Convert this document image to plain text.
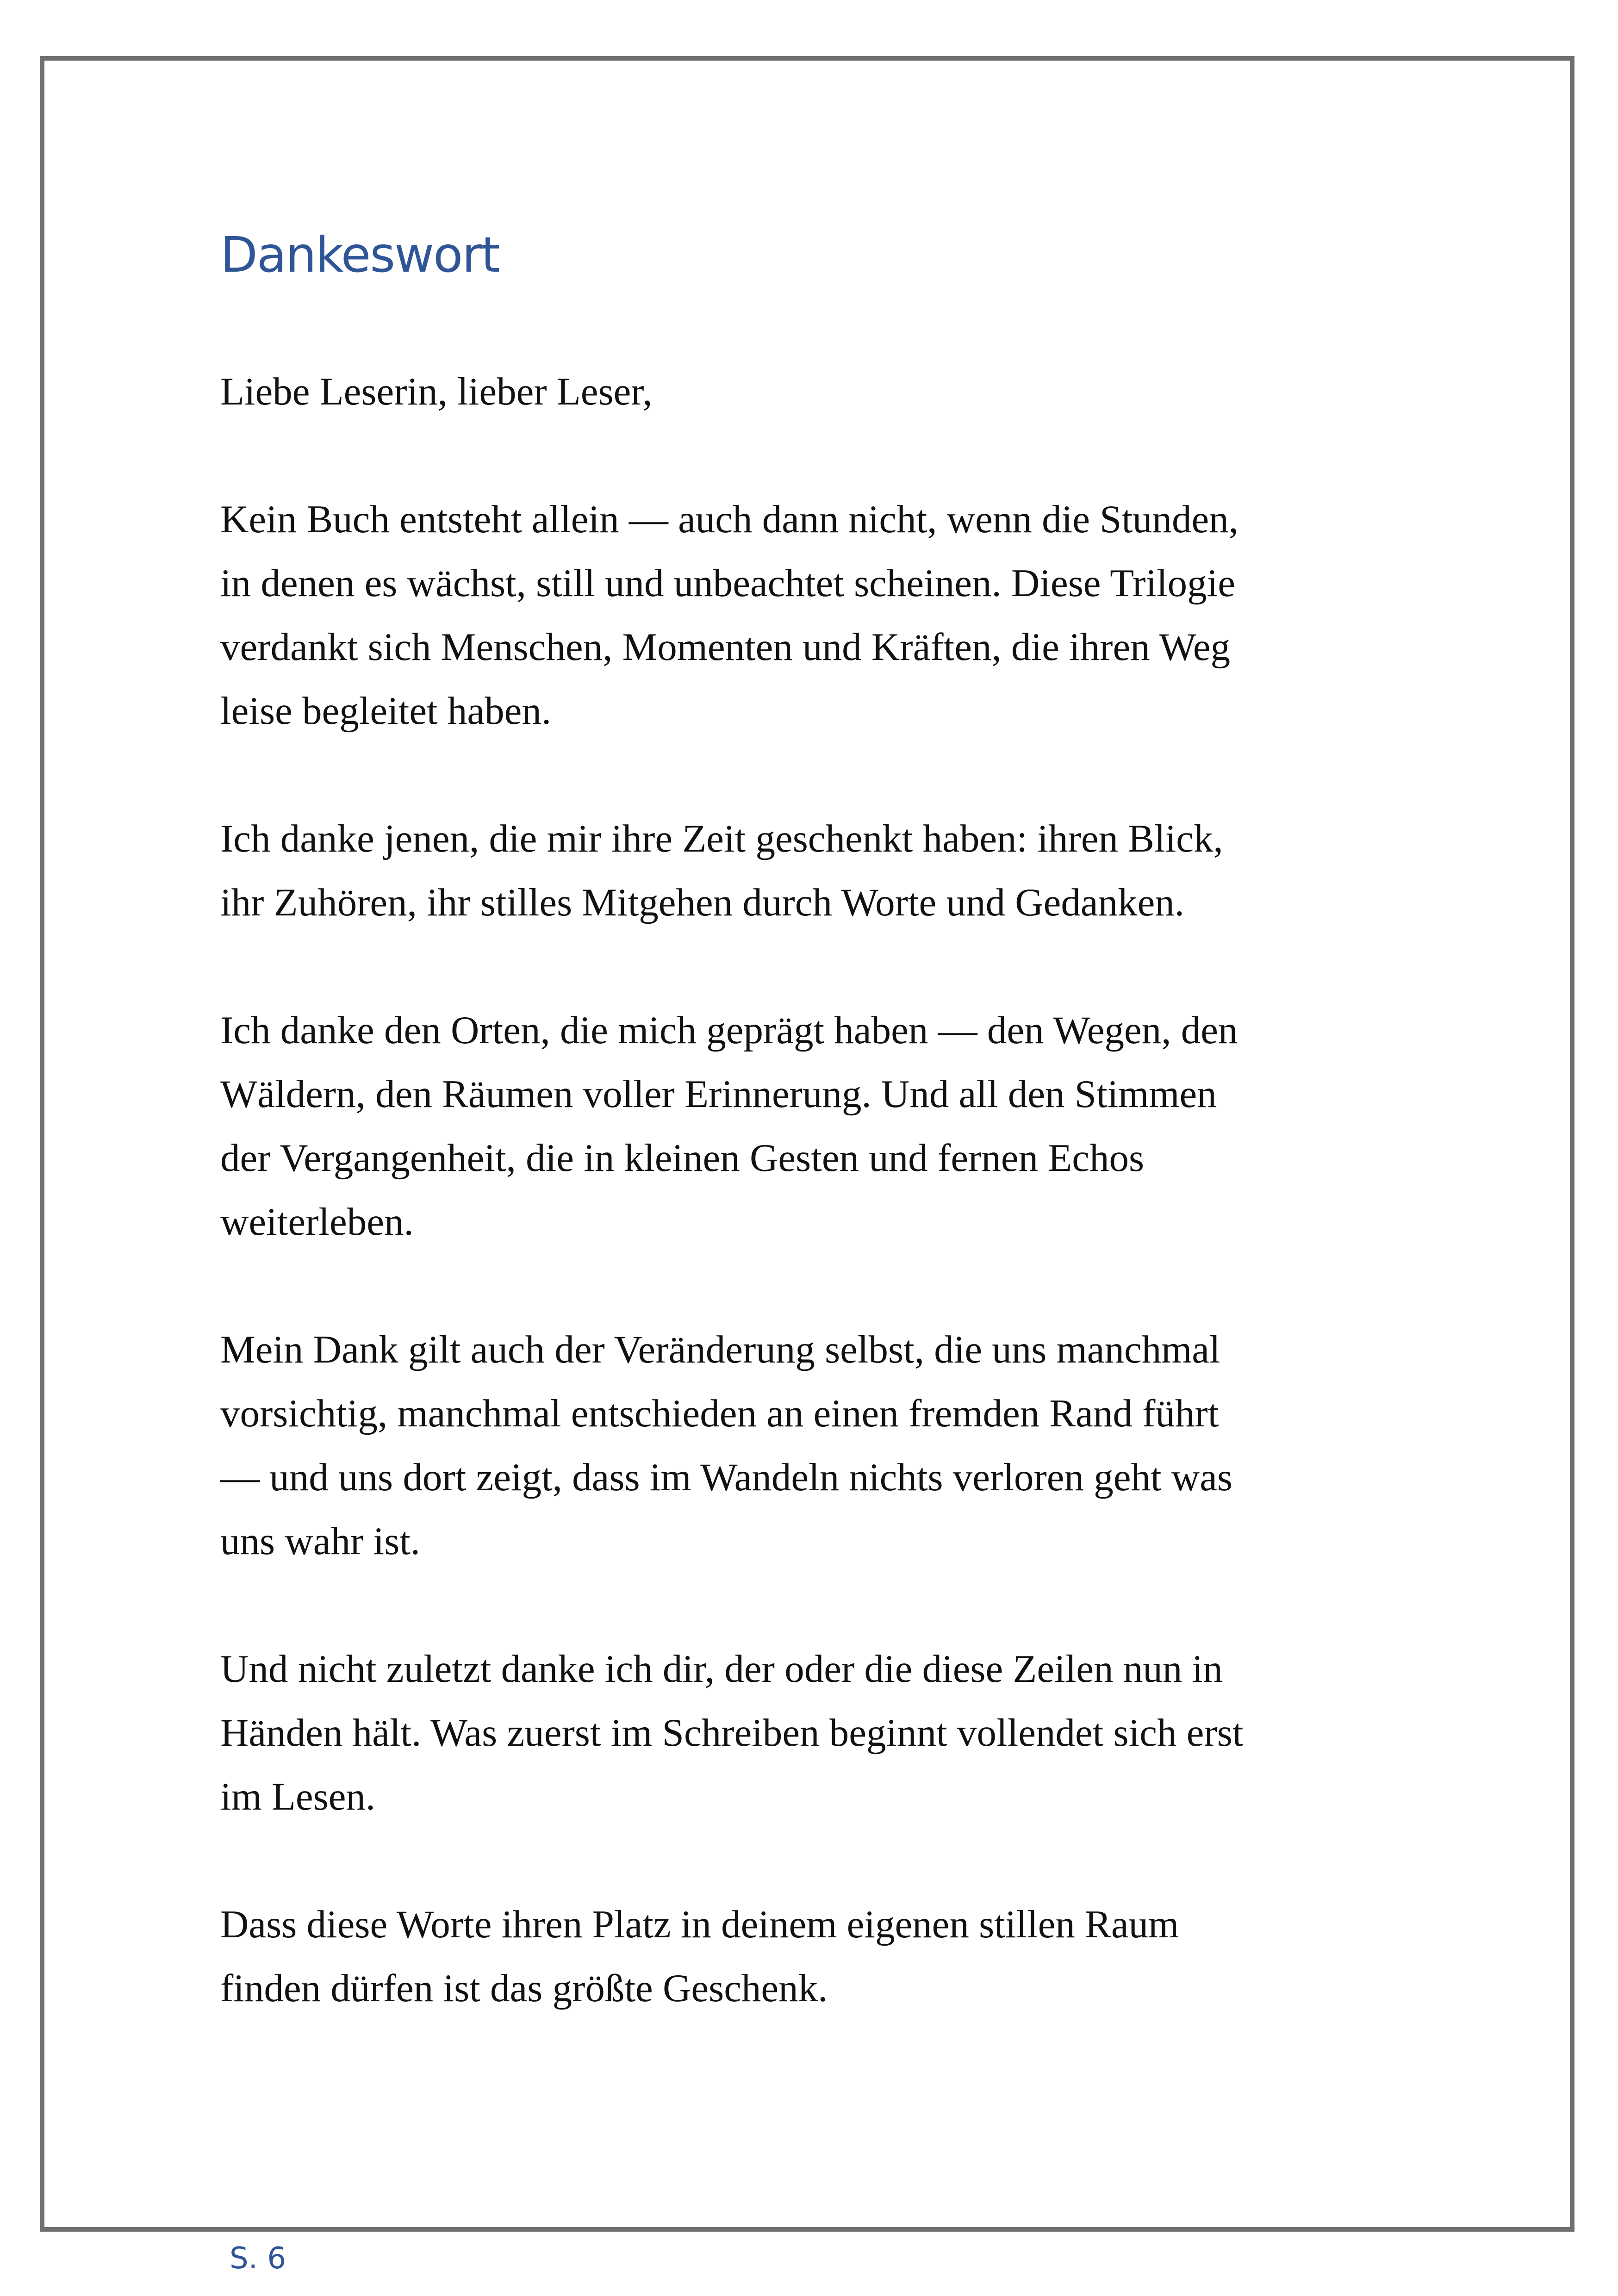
Dankeswort

Liebe Leserin, lieber Leser,

Kein Buch entsteht allein — auch dann nicht, wenn die Stunden,
in denen es wächst, still und unbeachtet scheinen. Diese Trilogie
verdankt sich Menschen, Momenten und Kräften, die ihren Weg
leise begleitet haben.

Ich danke jenen, die mir ihre Zeit geschenkt haben: ihren Blick,
ihr Zuhören, ihr stilles Mitgehen durch Worte und Gedanken.

Ich danke den Orten, die mich geprägt haben — den Wegen, den
Wäldern, den Räumen voller Erinnerung. Und all den Stimmen
der Vergangenheit, die in kleinen Gesten und fernen Echos
weiterleben.

Mein Dank gilt auch der Veränderung selbst, die uns manchmal
vorsichtig, manchmal entschieden an einen fremden Rand führt
— und uns dort zeigt, dass im Wandeln nichts verloren geht was
uns wahr ist.

Und nicht zuletzt danke ich dir, der oder die diese Zeilen nun in
Händen hält. Was zuerst im Schreiben beginnt vollendet sich erst
im Lesen.

Dass diese Worte ihren Platz in deinem eigenen stillen Raum
finden dürfen ist das größte Geschenk.

S. 6
